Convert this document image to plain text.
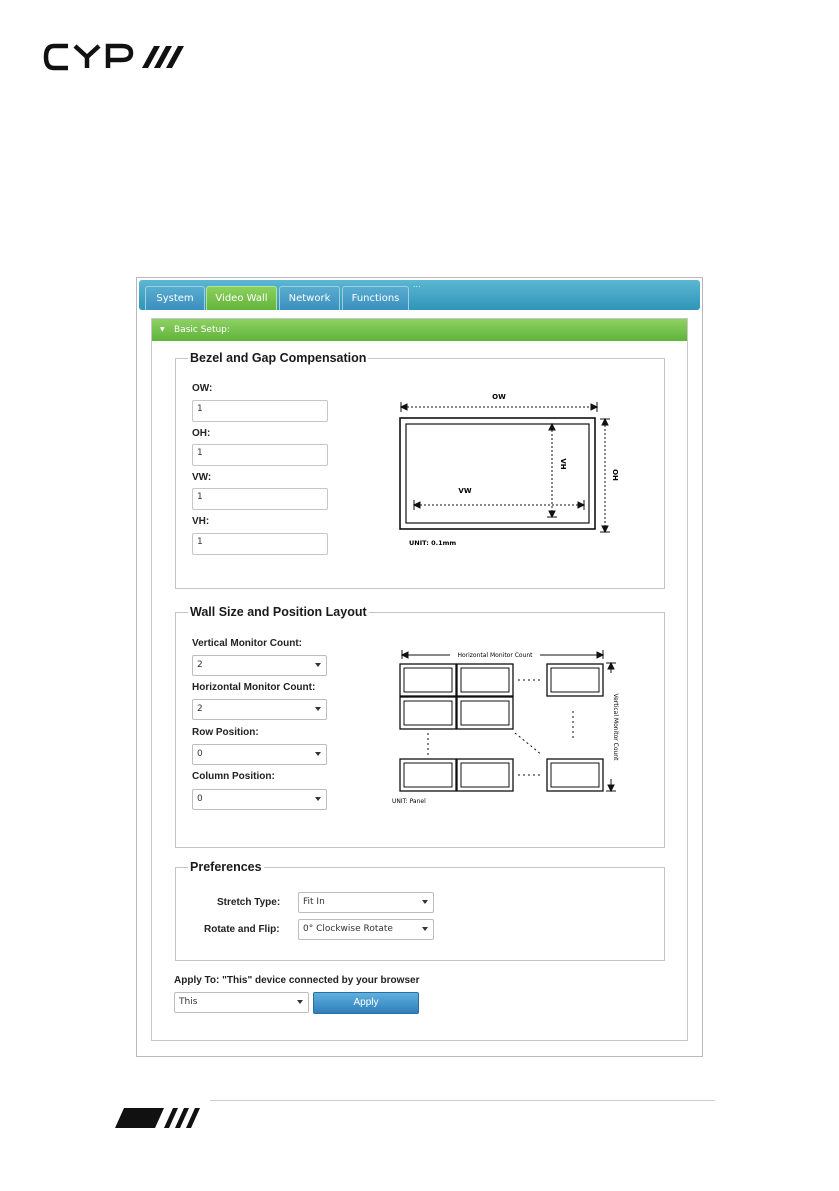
System	Video Wall	Network	Functions
...
▼ Basic Setup:
Bezel and Gap Compensation
Wall Size and Position Layout
Preferences
OW:
1
OH:
1
VW:
1
VH:
1
OW
OH
VH
VW
UNIT: 0.1mm
Vertical Monitor Count:
2
Horizontal Monitor Count:
2
Row Position:
0
Column Position:
0
Horizontal Monitor Count
Vertical Monitor Count
UNIT: Panel
Stretch Type:	Fit In
Rotate and Flip:	0° Clockwise Rotate
Apply To: "This" device connected by your browser
This	Apply
